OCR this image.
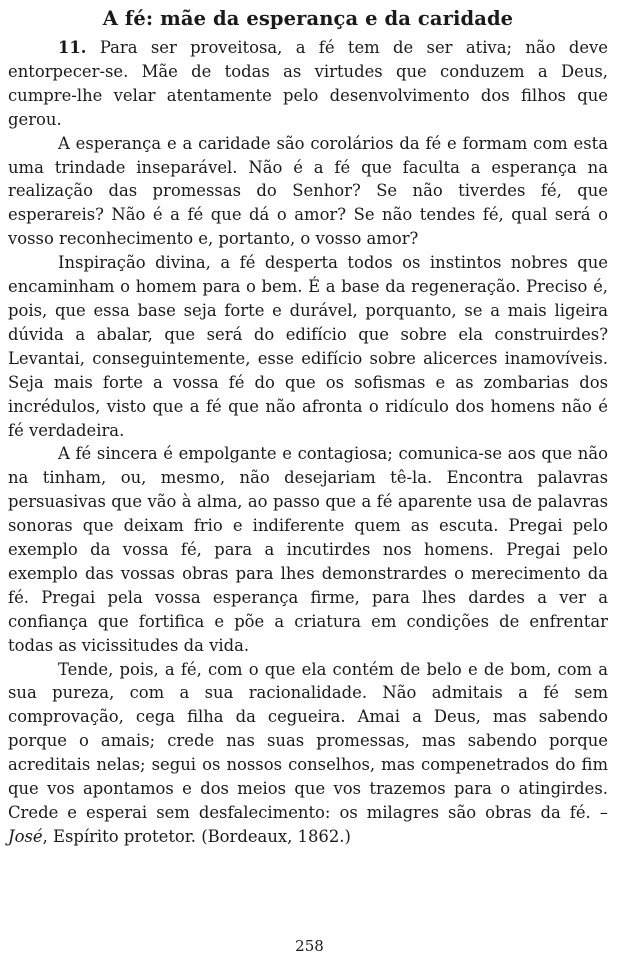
A fé: mãe da esperança e da caridade

11. Para ser proveitosa, a fé tem de ser ativa; não deve entorpecer-se. Mãe de todas as virtudes que conduzem a Deus, cumpre-lhe velar atentamente pelo desenvolvimento dos filhos que gerou.

A esperança e a caridade são corolários da fé e formam com esta uma trindade inseparável. Não é a fé que faculta a esperança na realização das promessas do Senhor? Se não tiverdes fé, que esperareis? Não é a fé que dá o amor? Se não tendes fé, qual será o vosso reconhecimento e, portanto, o vosso amor?

Inspiração divina, a fé desperta todos os instintos nobres que encaminham o homem para o bem. É a base da regeneração. Preciso é, pois, que essa base seja forte e durável, porquanto, se a mais ligeira dúvida a abalar, que será do edifício que sobre ela construirdes? Levantai, conseguintemente, esse edifício sobre alicerces inamovíveis. Seja mais forte a vossa fé do que os sofismas e as zombarias dos incrédulos, visto que a fé que não afronta o ridículo dos homens não é fé verdadeira.

A fé sincera é empolgante e contagiosa; comunica-se aos que não na tinham, ou, mesmo, não desejariam tê-la. Encontra palavras persuasivas que vão à alma, ao passo que a fé aparente usa de palavras sonoras que deixam frio e indiferente quem as escuta. Pregai pelo exemplo da vossa fé, para a incutirdes nos homens. Pregai pelo exemplo das vossas obras para lhes demonstrardes o merecimento da fé. Pregai pela vossa esperança firme, para lhes dardes a ver a confiança que fortifica e põe a criatura em condições de enfrentar todas as vicissitudes da vida.

Tende, pois, a fé, com o que ela contém de belo e de bom, com a sua pureza, com a sua racionalidade. Não admitais a fé sem comprovação, cega filha da cegueira. Amai a Deus, mas sabendo porque o amais; crede nas suas promessas, mas sabendo porque acreditais nelas; segui os nossos conselhos, mas compenetrados do fim que vos apontamos e dos meios que vos trazemos para o atingirdes. Crede e esperai sem desfalecimento: os milagres são obras da fé. – José, Espírito protetor. (Bordeaux, 1862.)

258
